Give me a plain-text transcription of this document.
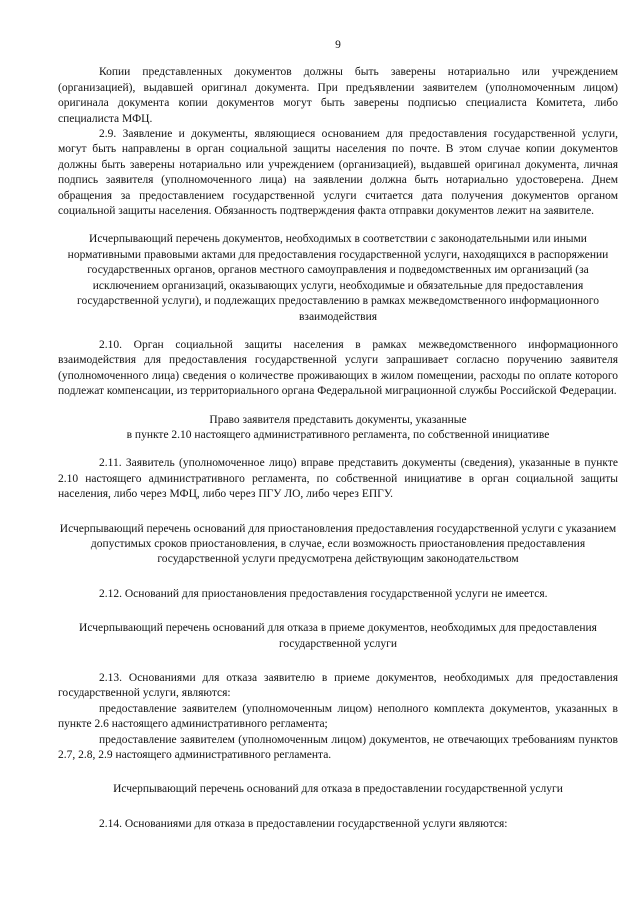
9

Копии представленных документов должны быть заверены нотариально или учреждением (организацией), выдавшей оригинал документа. При предъявлении заявителем (уполномоченным лицом) оригинала документа копии документов могут быть заверены подписью специалиста Комитета, либо специалиста МФЦ.

2.9. Заявление и документы, являющиеся основанием для предоставления государственной услуги, могут быть направлены в орган социальной защиты населения по почте. В этом случае копии документов должны быть заверены нотариально или учреждением (организацией), выдавшей оригинал документа, личная подпись заявителя (уполномоченного лица) на заявлении должна быть нотариально удостоверена. Днем обращения за предоставлением государственной услуги считается дата получения документов органом социальной защиты населения. Обязанность подтверждения факта отправки документов лежит на заявителе.

Исчерпывающий перечень документов, необходимых в соответствии с законодательными или иными нормативными правовыми актами для предоставления государственной услуги, находящихся в распоряжении государственных органов, органов местного самоуправления и подведомственных им организаций (за исключением организаций, оказывающих услуги, необходимые и обязательные для предоставления государственной услуги), и подлежащих предоставлению в рамках межведомственного информационного взаимодействия

2.10. Орган социальной защиты населения в рамках межведомственного информационного взаимодействия для предоставления государственной услуги запрашивает согласно поручению заявителя (уполномоченного лица) сведения о количестве проживающих в жилом помещении, расходы по оплате которого подлежат компенсации, из территориального органа Федеральной миграционной службы Российской Федерации.

Право заявителя представить документы, указанные

в пункте 2.10 настоящего административного регламента, по собственной инициативе

2.11. Заявитель (уполномоченное лицо) вправе представить документы (сведения), указанные в пункте 2.10 настоящего административного регламента, по собственной инициативе в орган социальной защиты населения, либо через МФЦ, либо через ПГУ ЛО, либо через ЕПГУ.

Исчерпывающий перечень оснований для приостановления предоставления государственной услуги с указанием допустимых сроков приостановления, в случае, если возможность приостановления предоставления государственной услуги предусмотрена действующим законодательством

2.12. Оснований для приостановления предоставления государственной услуги не имеется.

Исчерпывающий перечень оснований для отказа в приеме документов, необходимых для предоставления государственной услуги

2.13. Основаниями для отказа заявителю в приеме документов, необходимых для предоставления государственной услуги, являются:

предоставление заявителем (уполномоченным лицом) неполного комплекта документов, указанных в пункте 2.6 настоящего административного регламента;

предоставление заявителем (уполномоченным лицом) документов, не отвечающих требованиям пунктов 2.7, 2.8, 2.9 настоящего административного регламента.

Исчерпывающий перечень оснований для отказа в предоставлении государственной услуги

2.14. Основаниями для отказа в предоставлении государственной услуги являются:
